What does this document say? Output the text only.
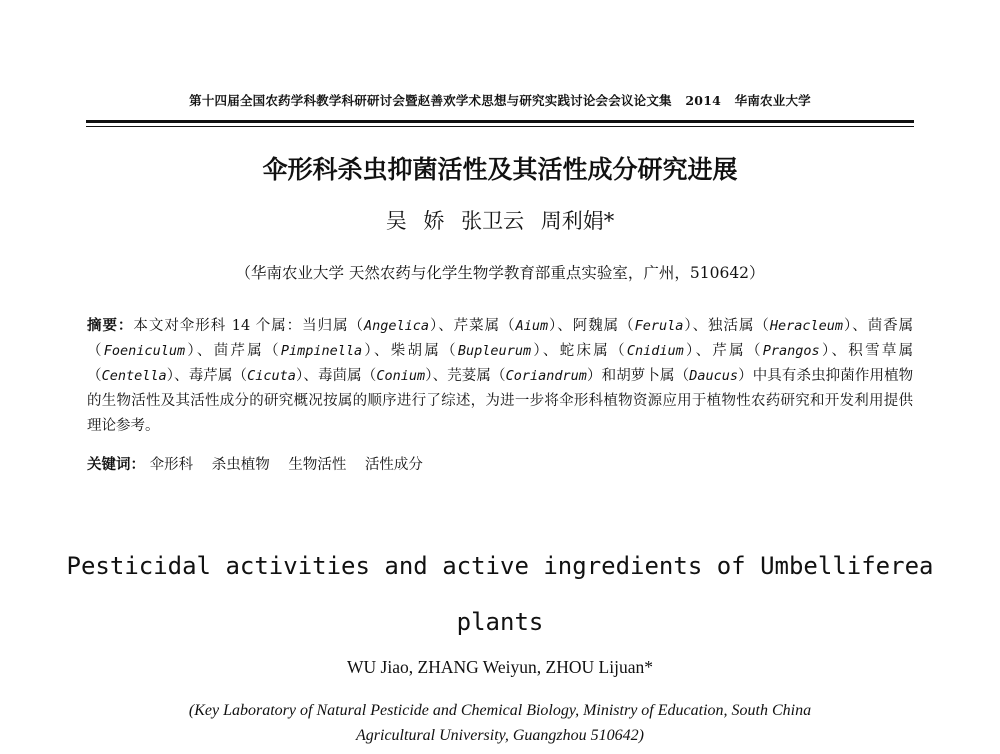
第十四届全国农药学科教学科研研讨会暨赵善欢学术思想与研究实践讨论会会议论文集 2014 华南农业大学
伞形科杀虫抑菌活性及其活性成分研究进展
吴 娇 张卫云 周利娟*
（华南农业大学 天然农药与化学生物学教育部重点实验室，广州，510642）
摘要：本文对伞形科 14 个属：当归属（Angelica）、芹菜属（Aium）、阿魏属（Ferula）、独活属（Heracleum）、茴香属（Foeniculum）、茴芹属（Pimpinella）、柴胡属（Bupleurum）、蛇床属（Cnidium）、芹属（Prangos）、积雪草属（Centella）、毒芹属（Cicuta）、毒茴属（Conium）、芫荽属（Coriandrum）和胡萝卜属（Daucus）中具有杀虫抑菌作用植物的生物活性及其活性成分的研究概况按属的顺序进行了综述，为进一步将伞形科植物资源应用于植物性农药研究和开发利用提供理论参考。
关键词： 伞形科 杀虫植物 生物活性 活性成分
Pesticidal activities and active ingredients of Umbelliferea
plants
WU Jiao, ZHANG Weiyun, ZHOU Lijuan*
(Key Laboratory of Natural Pesticide and Chemical Biology, Ministry of Education, South China
Agricultural University, Guangzhou 510642)
